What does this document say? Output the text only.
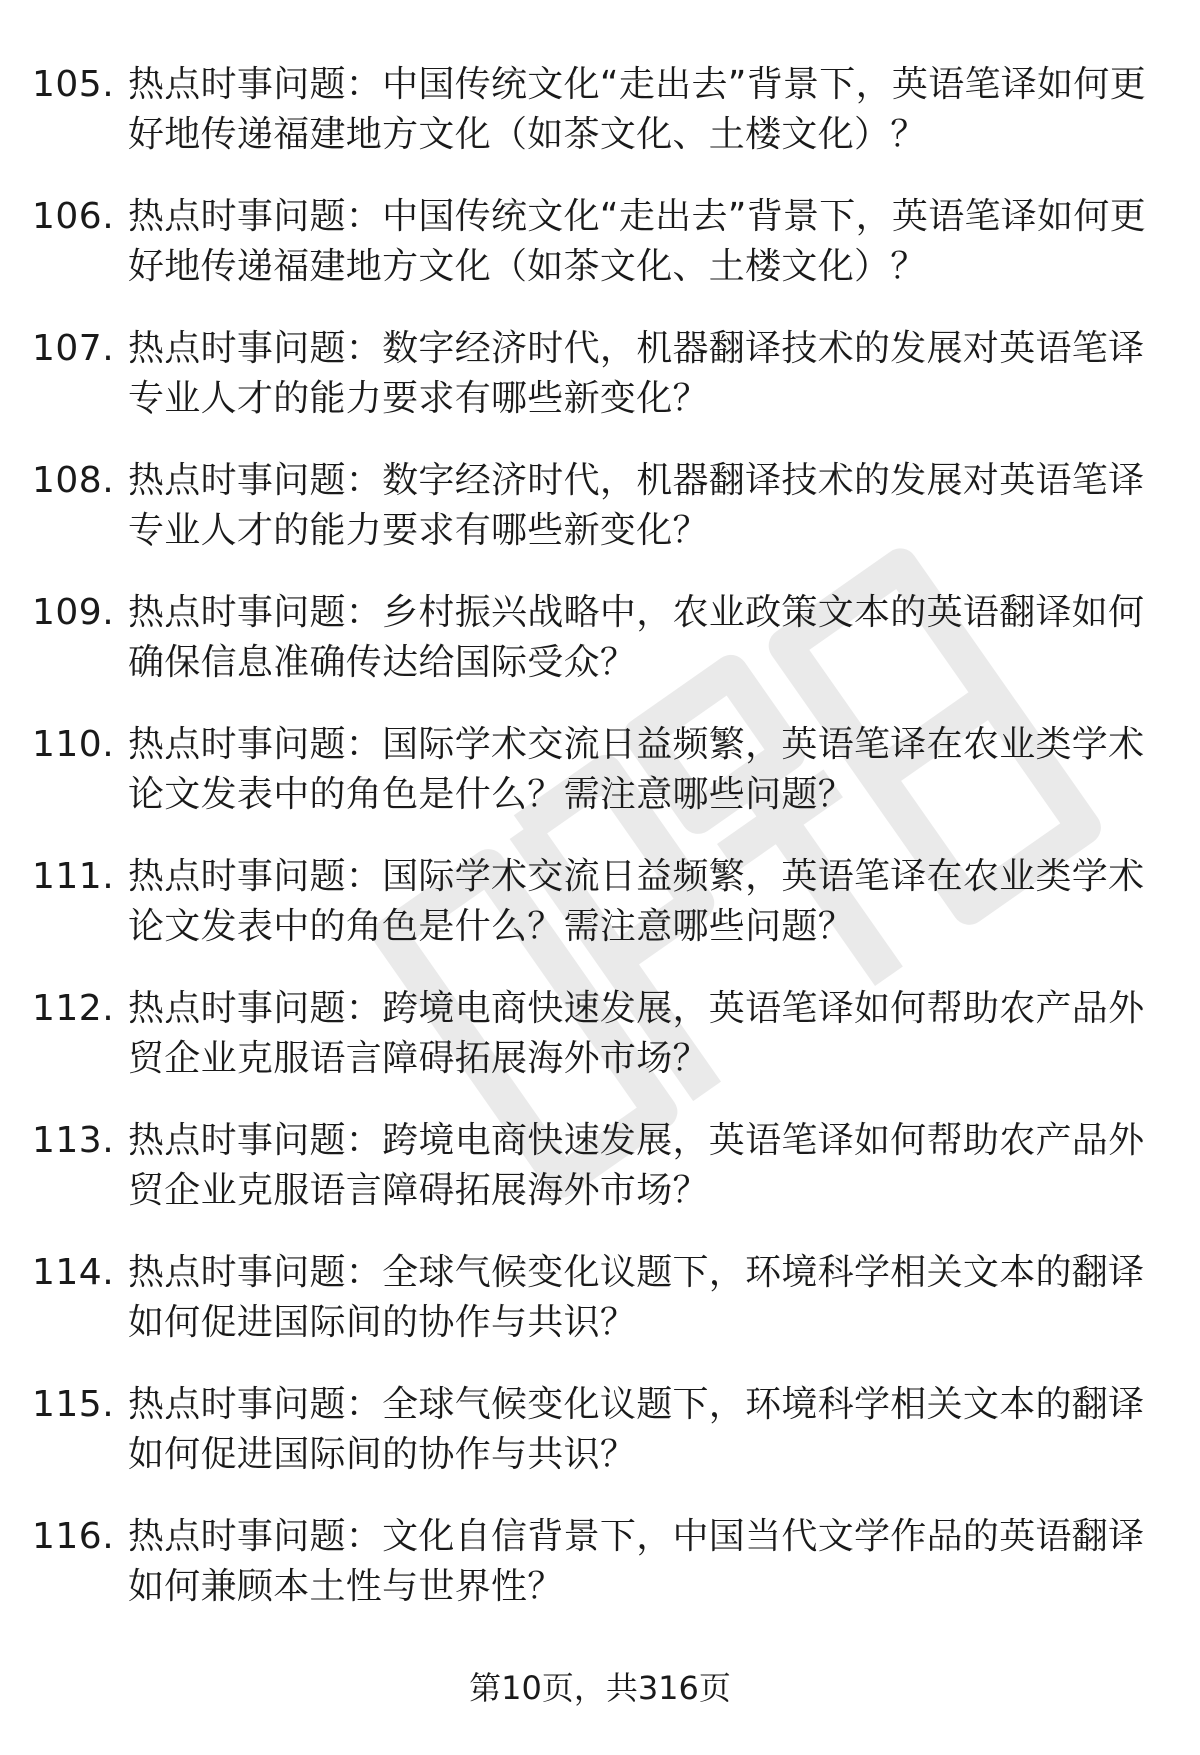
105. 热点时事问题：中国传统文化“走出去”背景下，英语笔译如何更好地传递福建地方文化（如茶文化、土楼文化）？
106. 热点时事问题：中国传统文化“走出去”背景下，英语笔译如何更好地传递福建地方文化（如茶文化、土楼文化）？
107. 热点时事问题：数字经济时代，机器翻译技术的发展对英语笔译专业人才的能力要求有哪些新变化？
108. 热点时事问题：数字经济时代，机器翻译技术的发展对英语笔译专业人才的能力要求有哪些新变化？
109. 热点时事问题：乡村振兴战略中，农业政策文本的英语翻译如何确保信息准确传达给国际受众？
110. 热点时事问题：国际学术交流日益频繁，英语笔译在农业类学术论文发表中的角色是什么？需注意哪些问题？
111. 热点时事问题：国际学术交流日益频繁，英语笔译在农业类学术论文发表中的角色是什么？需注意哪些问题？
112. 热点时事问题：跨境电商快速发展，英语笔译如何帮助农产品外贸企业克服语言障碍拓展海外市场？
113. 热点时事问题：跨境电商快速发展，英语笔译如何帮助农产品外贸企业克服语言障碍拓展海外市场？
114. 热点时事问题：全球气候变化议题下，环境科学相关文本的翻译如何促进国际间的协作与共识？
115. 热点时事问题：全球气候变化议题下，环境科学相关文本的翻译如何促进国际间的协作与共识？
116. 热点时事问题：文化自信背景下，中国当代文学作品的英语翻译如何兼顾本土性与世界性？
第10页，共316页
